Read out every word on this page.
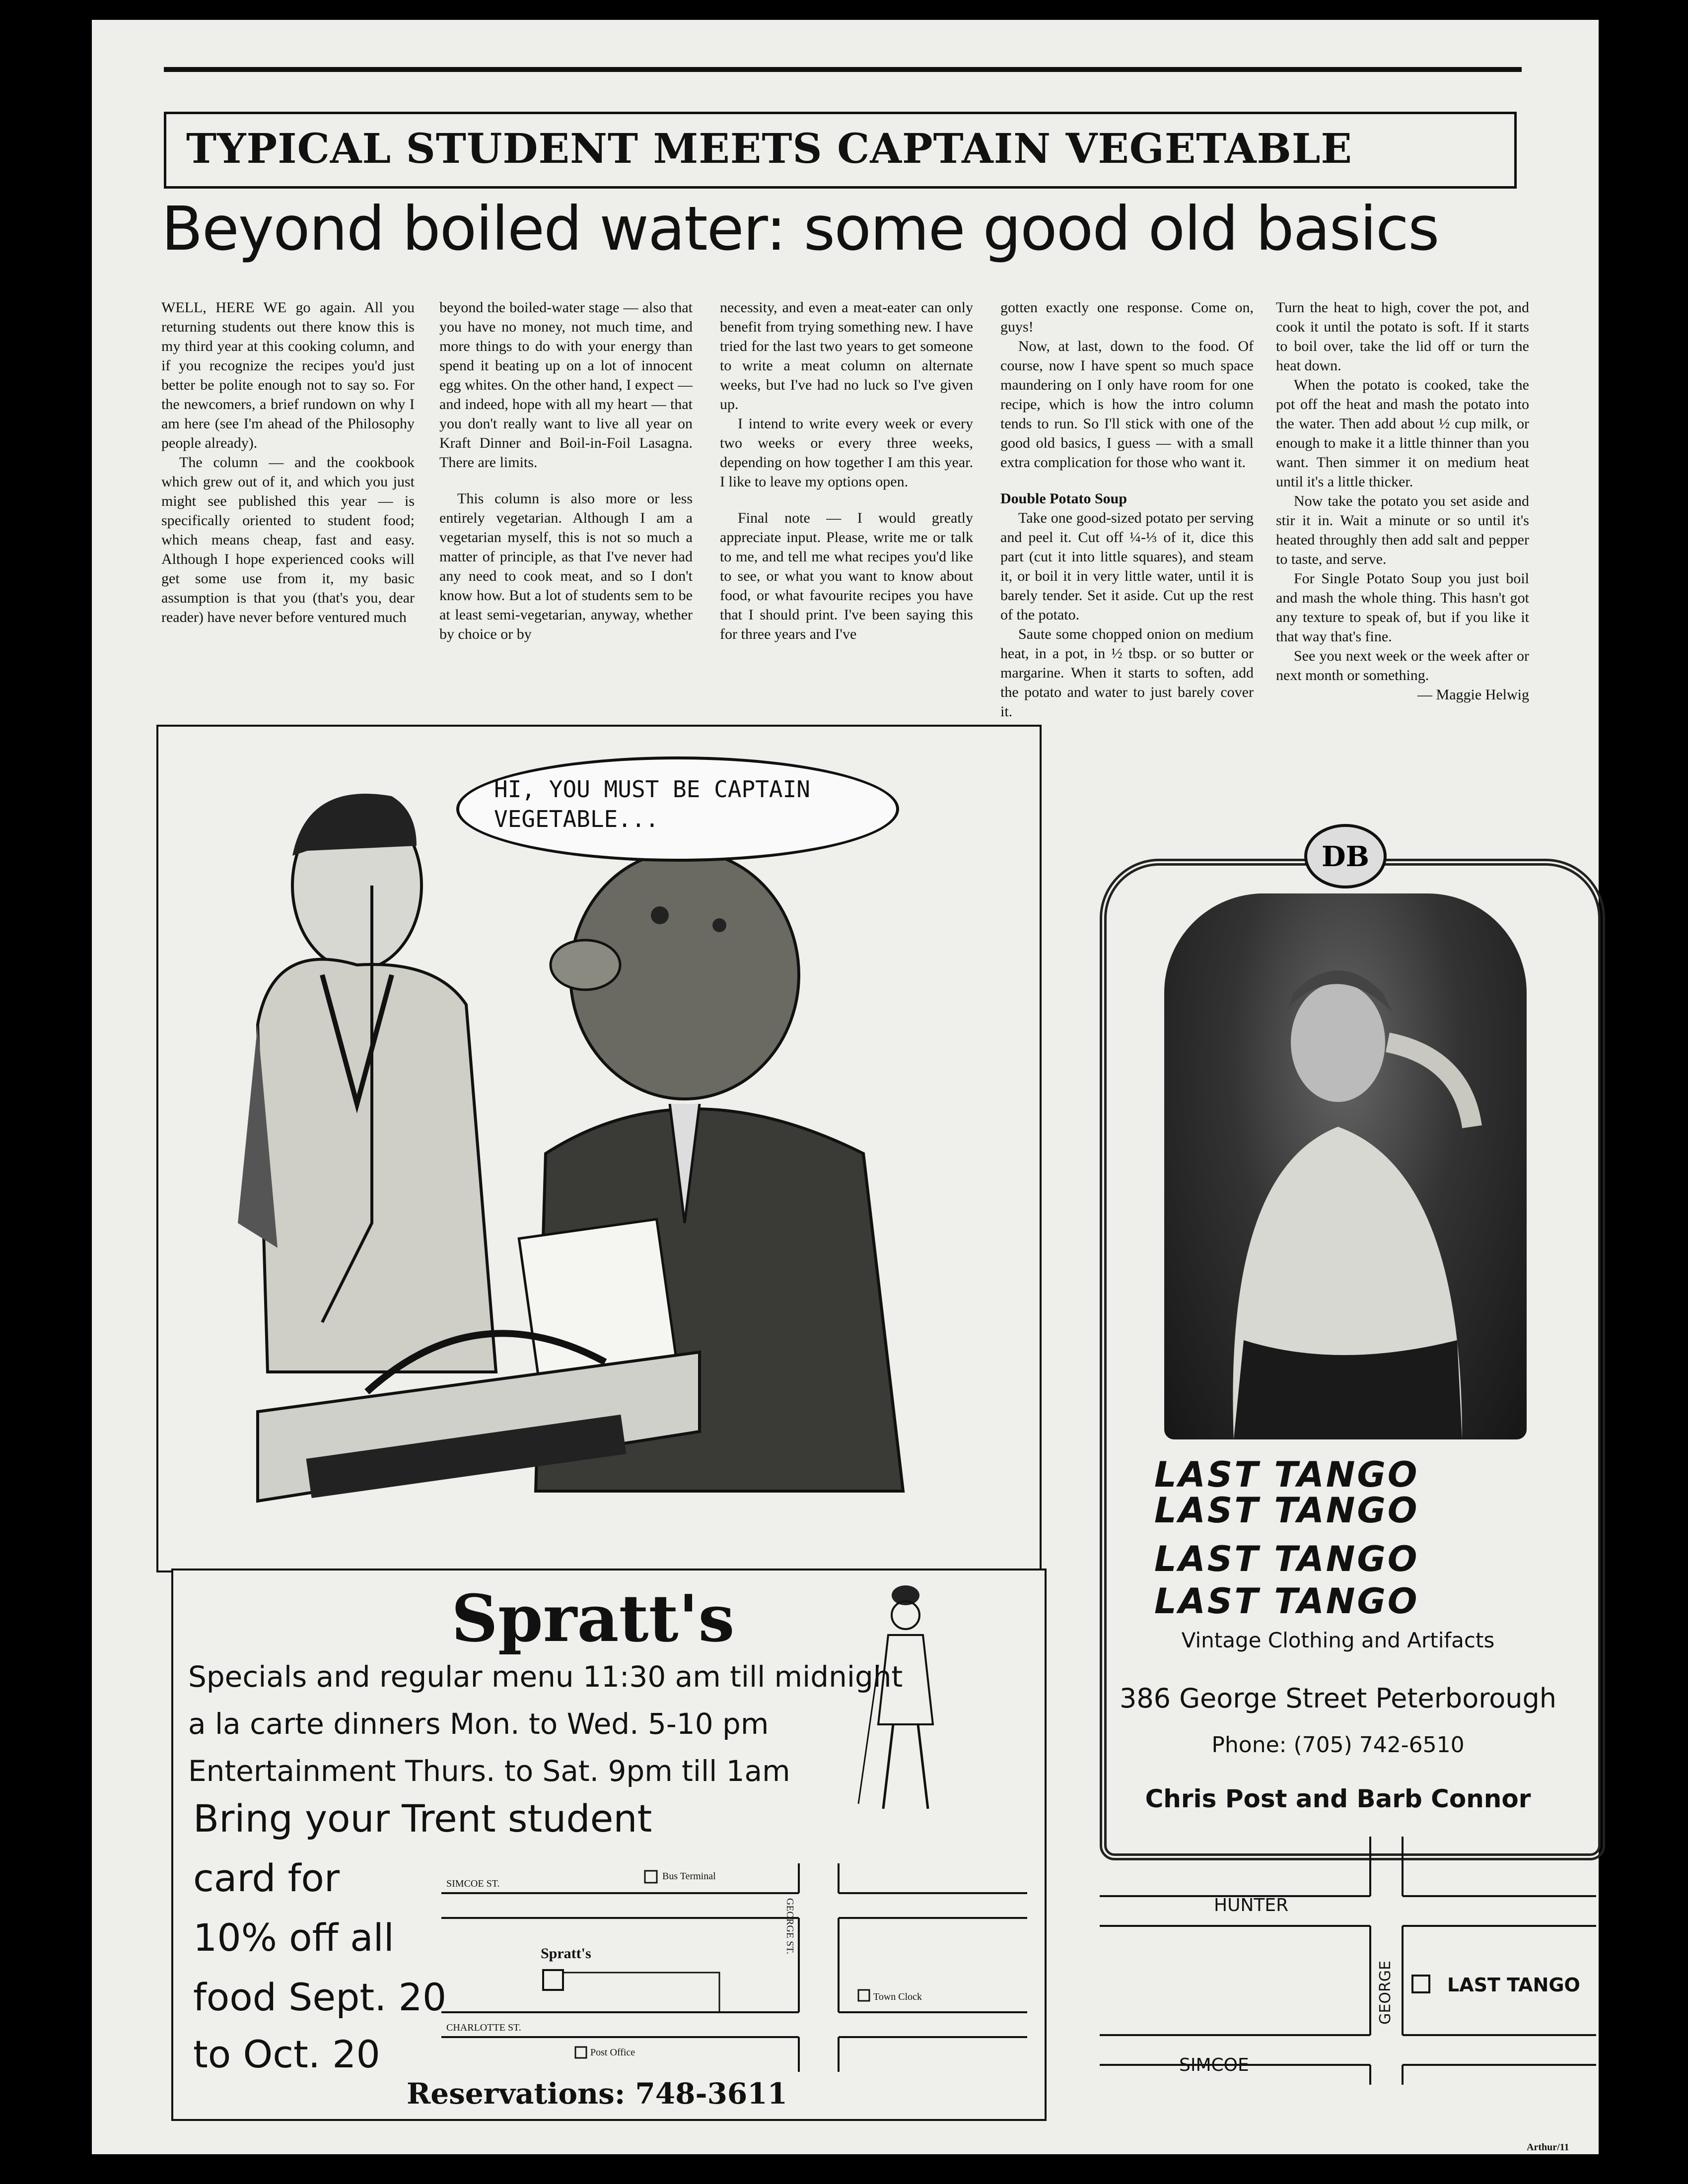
TYPICAL STUDENT MEETS CAPTAIN VEGETABLE
Beyond boiled water: some good old basics

WELL, HERE WE go again. All you returning students out there know this is my third year at this cooking column, and if you recognize the recipes you'd just better be polite enough not to say so. For the newcomers, a brief rundown on why I am here (see I'm ahead of the Philosophy people already).

The column — and the cookbook which grew out of it, and which you just might see published this year — is specifically oriented to student food; which means cheap, fast and easy. Although I hope experienced cooks will get some use from it, my basic assumption is that you (that's you, dear reader) have never before ventured much

beyond the boiled-water stage — also that you have no money, not much time, and more things to do with your energy than spend it beating up on a lot of innocent egg whites. On the other hand, I expect — and indeed, hope with all my heart — that you don't really want to live all year on Kraft Dinner and Boil-in-Foil Lasagna. There are limits.

This column is also more or less entirely vegetarian. Although I am a vegetarian myself, this is not so much a matter of principle, as that I've never had any need to cook meat, and so I don't know how. But a lot of students sem to be at least semi-vegetarian, anyway, whether by choice or by

necessity, and even a meat-eater can only benefit from trying something new. I have tried for the last two years to get someone to write a meat column on alternate weeks, but I've had no luck so I've given up.

I intend to write every week or every two weeks or every three weeks, depending on how together I am this year. I like to leave my options open.

Final note — I would greatly appreciate input. Please, write me or talk to me, and tell me what recipes you'd like to see, or what you want to know about food, or what favourite recipes you have that I should print. I've been saying this for three years and I've

gotten exactly one response. Come on, guys!

Now, at last, down to the food. Of course, now I have spent so much space maundering on I only have room for one recipe, which is how the intro column tends to run. So I'll stick with one of the good old basics, I guess — with a small extra complication for those who want it.

Double Potato Soup

Take one good-sized potato per serving and peel it. Cut off ¼-⅓ of it, dice this part (cut it into little squares), and steam it, or boil it in very little water, until it is barely tender. Set it aside. Cut up the rest of the potato.

Saute some chopped onion on medium heat, in a pot, in ½ tbsp. or so butter or margarine. When it starts to soften, add the potato and water to just barely cover it.

Turn the heat to high, cover the pot, and cook it until the potato is soft. If it starts to boil over, take the lid off or turn the heat down.

When the potato is cooked, take the pot off the heat and mash the potato into the water. Then add about ½ cup milk, or enough to make it a little thinner than you want. Then simmer it on medium heat until it's a little thicker.

Now take the potato you set aside and stir it in. Wait a minute or so until it's heated throughly then add salt and pepper to taste, and serve.

For Single Potato Soup you just boil and mash the whole thing. This hasn't got any texture to speak of, but if you like it that way that's fine.

See you next week or the week after or next month or something.

— Maggie Helwig

HI, YOU MUST BE CAPTAIN VEGETABLE...
Spratt's
Specials and regular menu 11:30 am till midnight
a la carte dinners Mon. to Wed. 5-10 pm
Entertainment Thurs. to Sat. 9pm till 1am
Bring your Trent student
card for
10% off all
food Sept. 20
to Oct. 20
Bus Terminal
SIMCOE ST.
GEORGE ST.
Spratt's
Town Clock
CHARLOTTE ST.
Post Office
Reservations: 748-3611
DB
LAST TANGO
LAST TANGO
LAST TANGO
LAST TANGO
Vintage Clothing and Artifacts
386 George Street Peterborough
Phone: (705) 742-6510
Chris Post and Barb Connor
HUNTER
GEORGE	LAST TANGO
SIMCOE
Arthur/11
